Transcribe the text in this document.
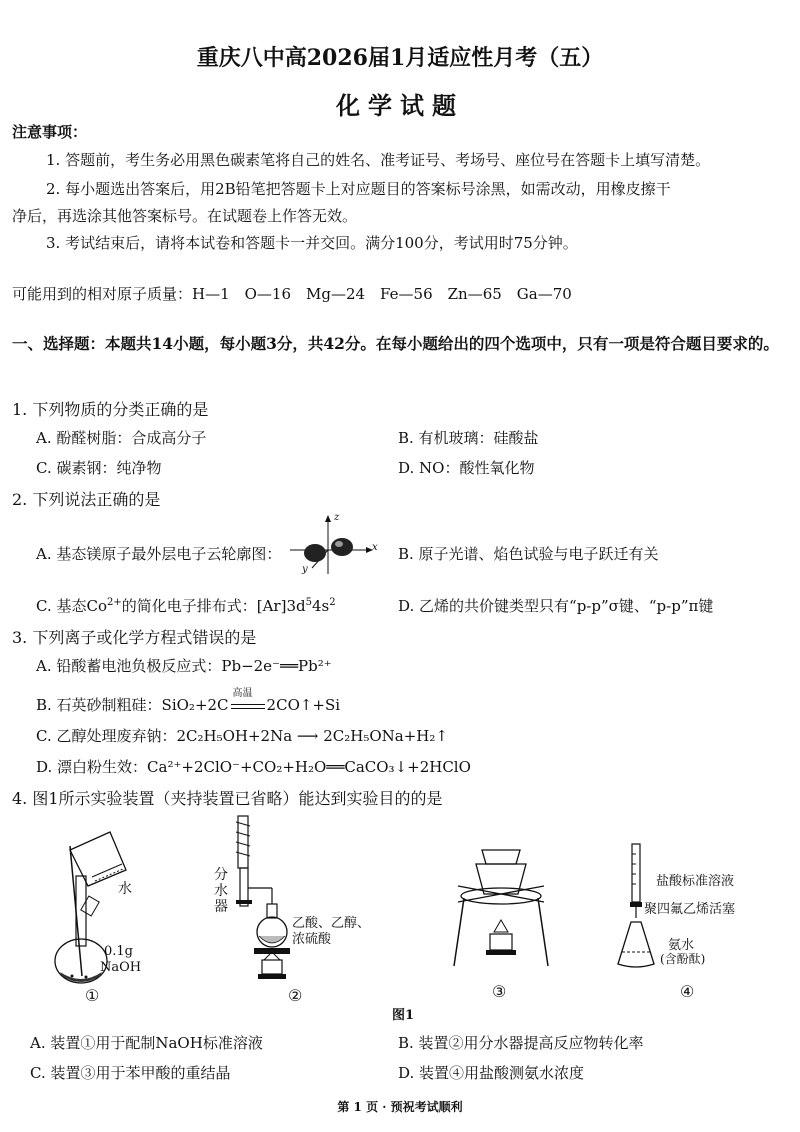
重庆八中高2026届1月适应性月考（五）
化学试题
注意事项：
1. 答题前，考生务必用黑色碳素笔将自己的姓名、准考证号、考场号、座位号在答题卡上填写清楚。
2. 每小题选出答案后，用2B铅笔把答题卡上对应题目的答案标号涂黑，如需改动，用橡皮擦干
净后，再选涂其他答案标号。在试题卷上作答无效。
3. 考试结束后，请将本试卷和答题卡一并交回。满分100分，考试用时75分钟。
可能用到的相对原子质量：H—1　O—16　Mg—24　Fe—56　Zn—65　Ga—70
一、选择题：本题共14小题，每小题3分，共42分。在每小题给出的四个选项中，只有一项是符合题目要求的。
1. 下列物质的分类正确的是
A. 酚醛树脂：合成高分子	B. 有机玻璃：硅酸盐
C. 碳素钢：纯净物	D. NO：酸性氧化物
2. 下列说法正确的是
A. 基态镁原子最外层电子云轮廓图：
z
x
y
B. 原子光谱、焰色试验与电子跃迁有关
C. 基态$Co^{2+}$的简化电子排布式：$[Ar]3d^54s^2$	D. 乙烯的共价键类型只有“p-p”σ键、“p-p”π键
3. 下列离子或化学方程式错误的是
A. 铅酸蓄电池负极反应式：Pb−2e⁻══Pb²⁺
B. 石英砂制粗硅：SiO₂+2C
高温
2CO↑+Si
C. 乙醇处理废弃钠：2C₂H₅OH+2Na ⟶ 2C₂H₅ONa+H₂↑
D. 漂白粉生效：Ca²⁺+2ClO⁻+CO₂+H₂O══CaCO₃↓+2HClO
4. 图1所示实验装置（夹持装置已省略）能达到实验目的的是
水
0.1g
NaOH
①
分
水
器
乙酸、乙醇、
浓硫酸
②	③
盐酸标准溶液
聚四氟乙烯活塞
氨水
(含酚酞)
④
图1
A. 装置①用于配制NaOH标准溶液	B. 装置②用分水器提高反应物转化率
C. 装置③用于苯甲酸的重结晶	D. 装置④用盐酸测氨水浓度
第 1 页 · 预祝考试顺利
